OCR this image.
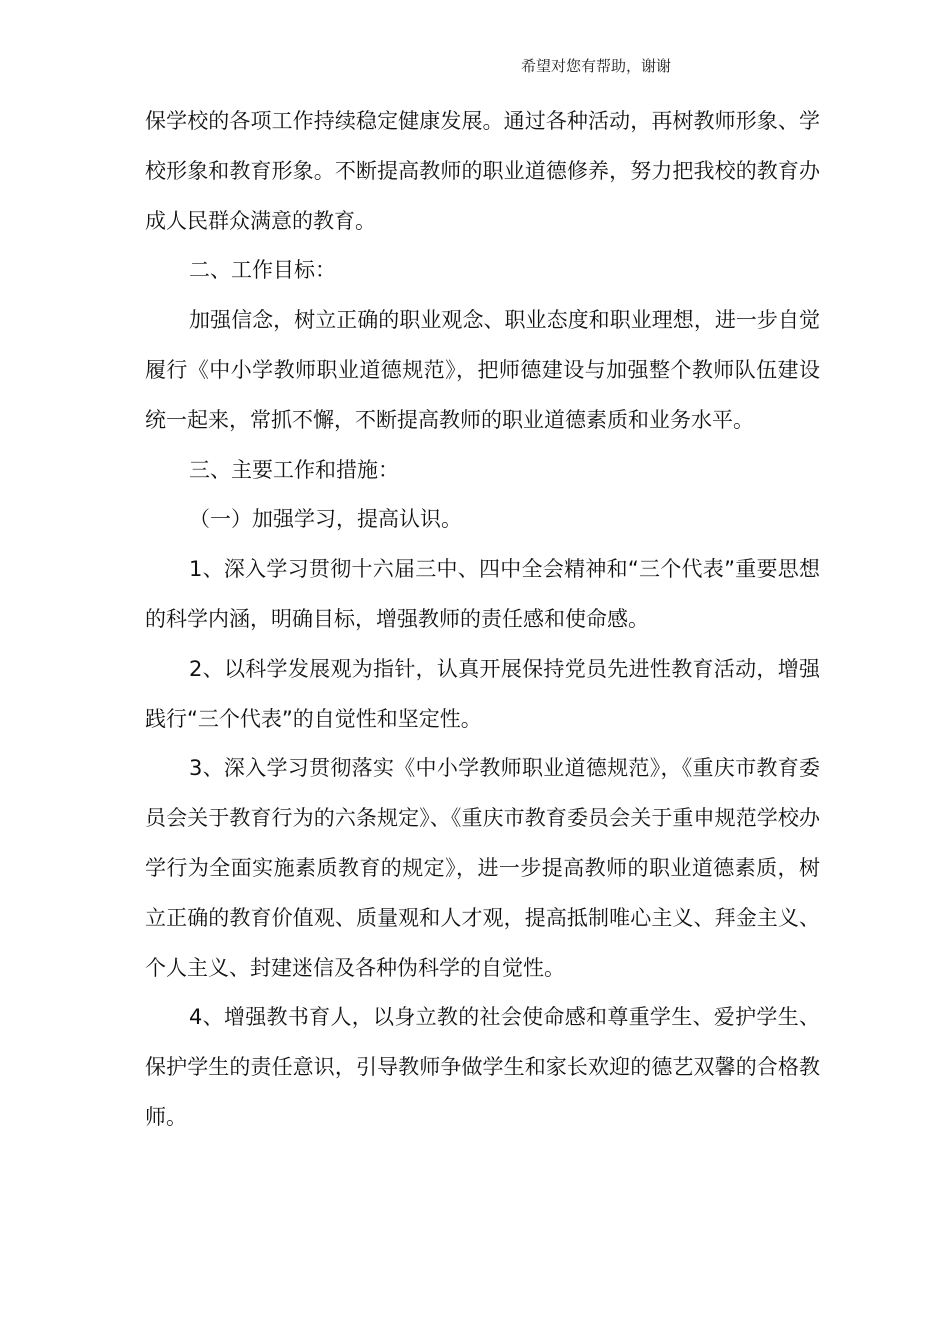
希望对您有帮助，谢谢

保学校的各项工作持续稳定健康发展。通过各种活动，再树教师形象、学校形象和教育形象。不断提高教师的职业道德修养，努力把我校的教育办成人民群众满意的教育。

二、工作目标：

加强信念，树立正确的职业观念、职业态度和职业理想，进一步自觉履行《中小学教师职业道德规范》，把师德建设与加强整个教师队伍建设统一起来，常抓不懈，不断提高教师的职业道德素质和业务水平。

三、主要工作和措施：

（一）加强学习，提高认识。

1、深入学习贯彻十六届三中、四中全会精神和“三个代表”重要思想的科学内涵，明确目标，增强教师的责任感和使命感。

2、以科学发展观为指针，认真开展保持党员先进性教育活动，增强践行“三个代表”的自觉性和坚定性。

3、深入学习贯彻落实《中小学教师职业道德规范》，《重庆市教育委员会关于教育行为的六条规定》、《重庆市教育委员会关于重申规范学校办学行为全面实施素质教育的规定》，进一步提高教师的职业道德素质，树立正确的教育价值观、质量观和人才观，提高抵制唯心主义、拜金主义、个人主义、封建迷信及各种伪科学的自觉性。

4、增强教书育人，以身立教的社会使命感和尊重学生、爱护学生、保护学生的责任意识，引导教师争做学生和家长欢迎的德艺双馨的合格教师。
